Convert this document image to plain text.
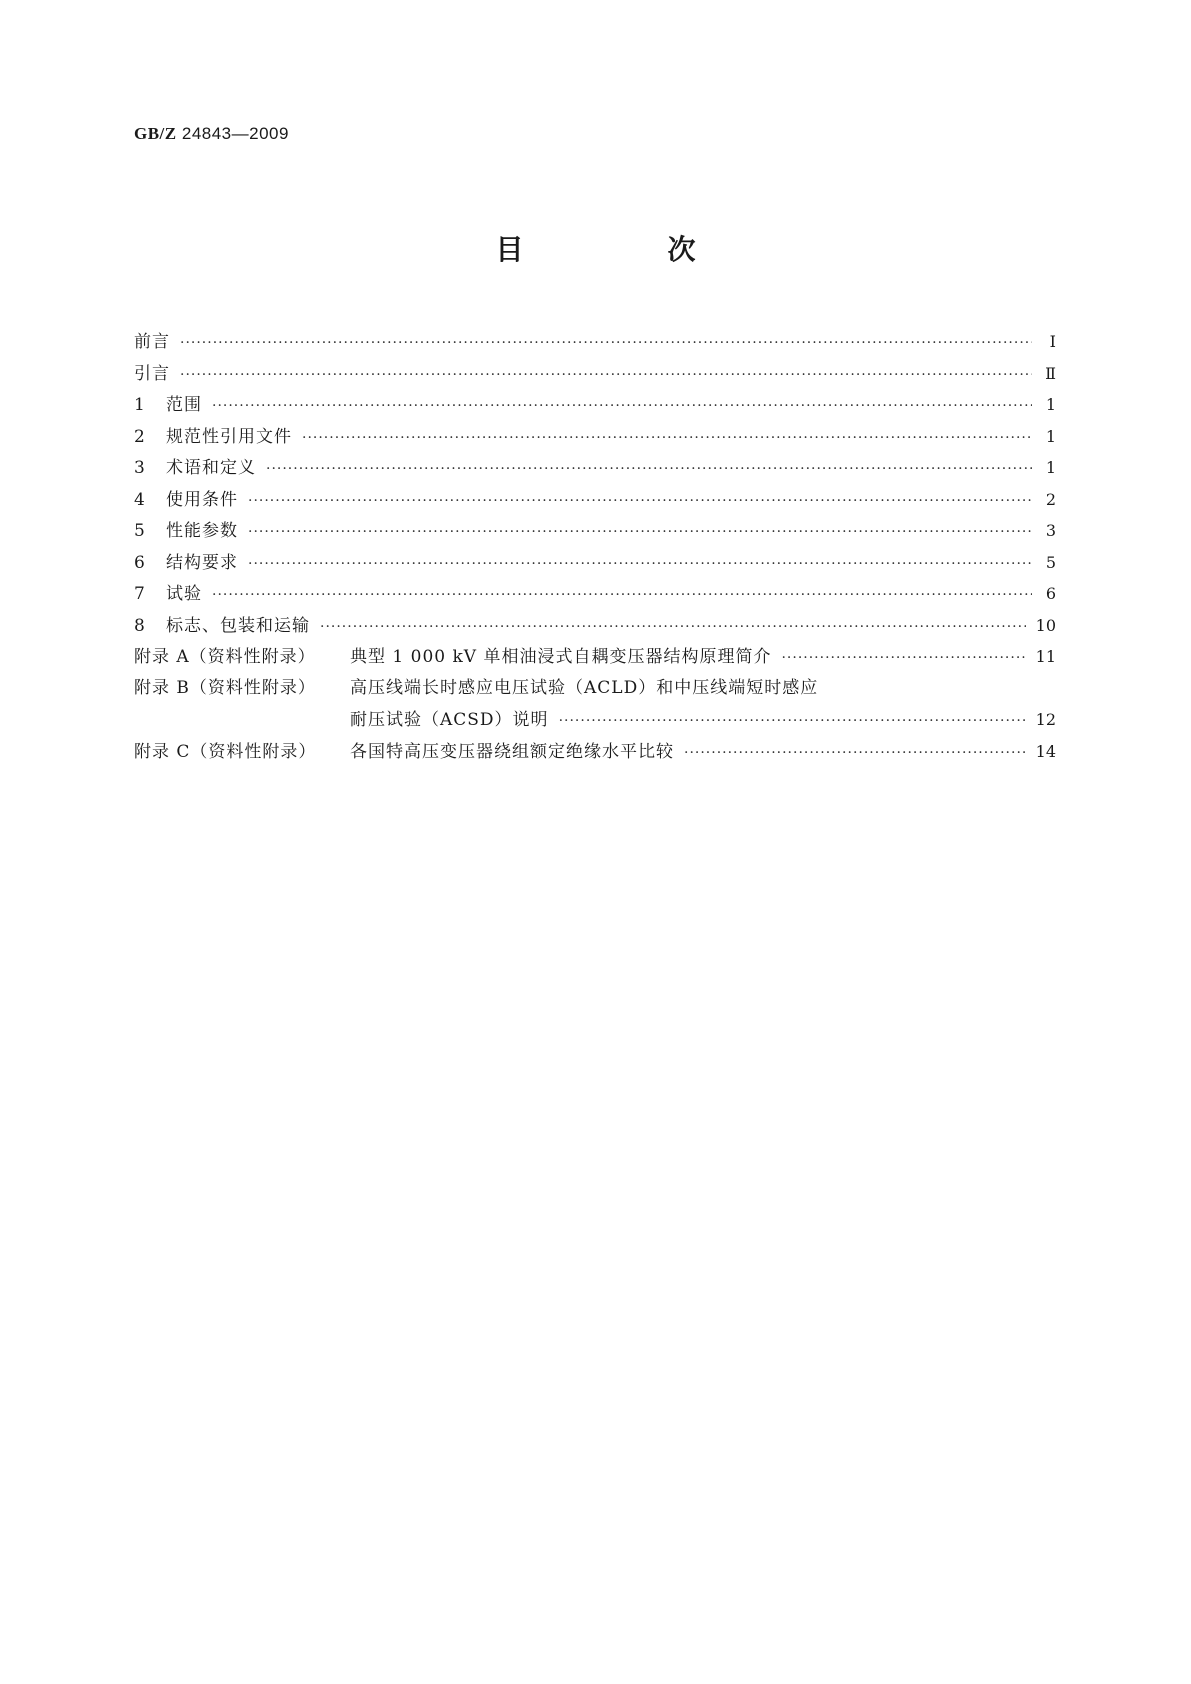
GB/Z 24843—2009
目　次
前言 ·····	Ⅰ
引言 ·····	Ⅱ
1	范围 ·····	1
2	规范性引用文件 ·····	1
3	术语和定义 ·····	1
4	使用条件 ·····	2
5	性能参数 ·····	3
6	结构要求 ·····	5
7	试验 ·····	6
8	标志、包装和运输 ·····	10
附录 A（资料性附录）	典型 1 000 kV 单相油浸式自耦变压器结构原理简介 ·····	11
附录 B（资料性附录）	高压线端长时感应电压试验（ACLD）和中压线端短时感应
耐压试验（ACSD）说明 ·····	12
附录 C（资料性附录）	各国特高压变压器绕组额定绝缘水平比较 ·····	14
